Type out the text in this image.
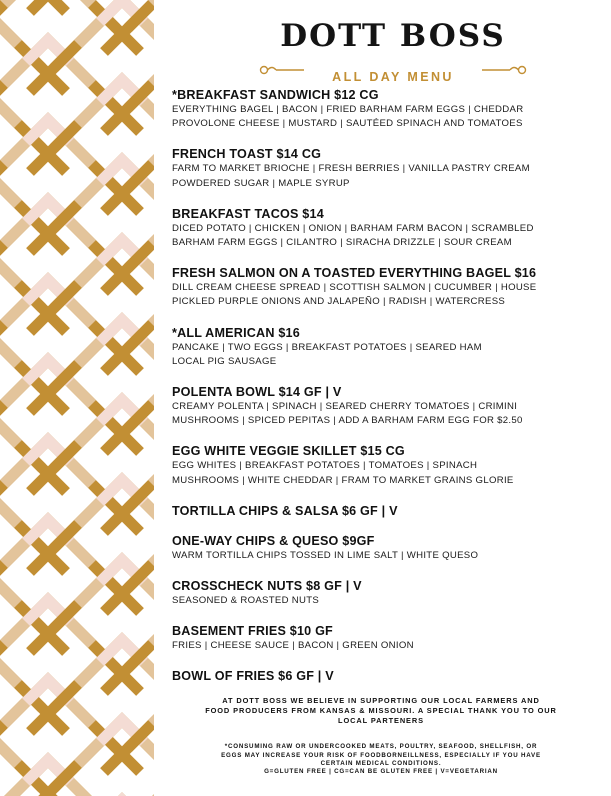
DOTT BOSS
ALL DAY MENU
*BREAKFAST SANDWICH $12 CG
EVERYTHING BAGEL | BACON | FRIED BARHAM FARM EGGS | CHEDDAR
PROVOLONE CHEESE | MUSTARD | SAUTÉED SPINACH AND TOMATOES
FRENCH TOAST $14 CG
FARM TO MARKET BRIOCHE | FRESH BERRIES | VANILLA PASTRY CREAM
POWDERED SUGAR | MAPLE SYRUP
BREAKFAST TACOS $14
DICED POTATO | CHICKEN | ONION | BARHAM FARM BACON | SCRAMBLED
BARHAM FARM EGGS | CILANTRO | SIRACHA DRIZZLE | SOUR CREAM
FRESH SALMON ON A TOASTED EVERYTHING BAGEL $16
DILL CREAM CHEESE SPREAD | SCOTTISH SALMON | CUCUMBER | HOUSE
PICKLED PURPLE ONIONS AND JALAPEÑO | RADISH | WATERCRESS
*ALL AMERICAN $16
PANCAKE | TWO EGGS | BREAKFAST POTATOES | SEARED HAM
LOCAL PIG SAUSAGE
POLENTA BOWL $14 GF | V
CREAMY POLENTA | SPINACH | SEARED CHERRY TOMATOES | CRIMINI
MUSHROOMS | SPICED PEPITAS | ADD A BARHAM FARM EGG FOR $2.50
EGG WHITE VEGGIE SKILLET $15 CG
EGG WHITES | BREAKFAST POTATOES | TOMATOES | SPINACH
MUSHROOMS | WHITE CHEDDAR | FRAM TO MARKET GRAINS GLORIE
TORTILLA CHIPS & SALSA $6 GF | V
ONE-WAY CHIPS & QUESO $9GF
WARM TORTILLA CHIPS TOSSED IN LIME SALT | WHITE QUESO
CROSSCHECK NUTS $8 GF | V
SEASONED & ROASTED NUTS
BASEMENT FRIES $10 GF
FRIES | CHEESE SAUCE | BACON | GREEN ONION
BOWL OF FRIES $6 GF | V
AT DOTT BOSS WE BELIEVE IN SUPPORTING OUR LOCAL FARMERS AND
FOOD PRODUCERS FROM KANSAS & MISSOURI. A SPECIAL THANK YOU TO OUR
LOCAL PARTENERS
*CONSUMING RAW OR UNDERCOOKED MEATS, POULTRY, SEAFOOD, SHELLFISH, OR
EGGS MAY INCREASE YOUR RISK OF FOODBORNEILLNESS, ESPECIALLY IF YOU HAVE
CERTAIN MEDICAL CONDITIONS.
G=GLUTEN FREE | CG=CAN BE GLUTEN FREE | V=VEGETARIAN
